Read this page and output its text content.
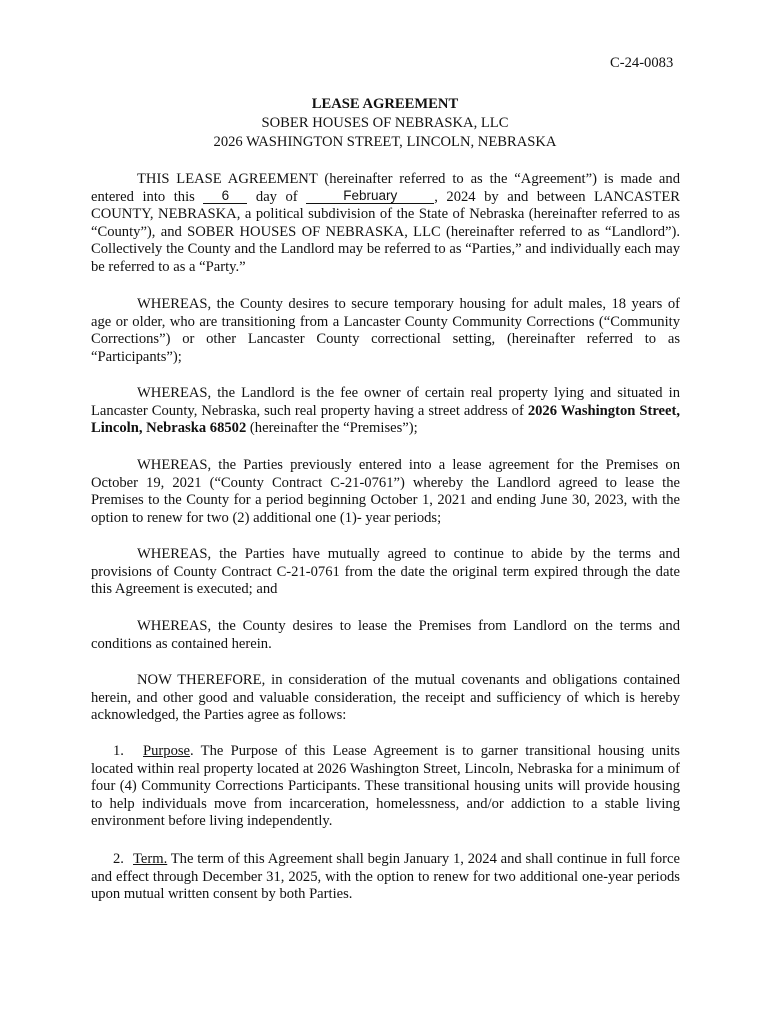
C-24-0083
LEASE AGREEMENT
SOBER HOUSES OF NEBRASKA, LLC
2026 WASHINGTON STREET, LINCOLN, NEBRASKA

THIS LEASE AGREEMENT (hereinafter referred to as the “Agreement”) is made and entered into this 6 day of	February	, 2024 by and between LANCASTER COUNTY, NEBRASKA, a political subdivision of the State of Nebraska (hereinafter referred to as “County”), and SOBER HOUSES OF NEBRASKA, LLC (hereinafter referred to as “Landlord”). Collectively the County and the Landlord may be referred to as “Parties,” and individually each may be referred to as a “Party.”

WHEREAS, the County desires to secure temporary housing for adult males, 18 years of age or older, who are transitioning from a Lancaster County Community Corrections (“Community Corrections”) or other Lancaster County correctional setting, (hereinafter referred to as “Participants”);

WHEREAS, the Landlord is the fee owner of certain real property lying and situated in Lancaster County, Nebraska, such real property having a street address of 2026 Washington Street, Lincoln, Nebraska 68502 (hereinafter the “Premises”);

WHEREAS, the Parties previously entered into a lease agreement for the Premises on October 19, 2021 (“County Contract C-21-0761”) whereby the Landlord agreed to lease the Premises to the County for a period beginning October 1, 2021 and ending June 30, 2023, with the option to renew for two (2) additional one (1)- year periods;

WHEREAS, the Parties have mutually agreed to continue to abide by the terms and provisions of County Contract C-21-0761 from the date the original term expired through the date this Agreement is executed; and

WHEREAS, the County desires to lease the Premises from Landlord on the terms and conditions as contained herein.

NOW THEREFORE, in consideration of the mutual covenants and obligations contained herein, and other good and valuable consideration, the receipt and sufficiency of which is hereby acknowledged, the Parties agree as follows:

1. Purpose. The Purpose of this Lease Agreement is to garner transitional housing units located within real property located at 2026 Washington Street, Lincoln, Nebraska for a minimum of four (4) Community Corrections Participants. These transitional housing units will provide housing to help individuals move from incarceration, homelessness, and/or addiction to a stable living environment before living independently.

2. Term. The term of this Agreement shall begin January 1, 2024 and shall continue in full force and effect through December 31, 2025, with the option to renew for two additional one-year periods upon mutual written consent by both Parties.
